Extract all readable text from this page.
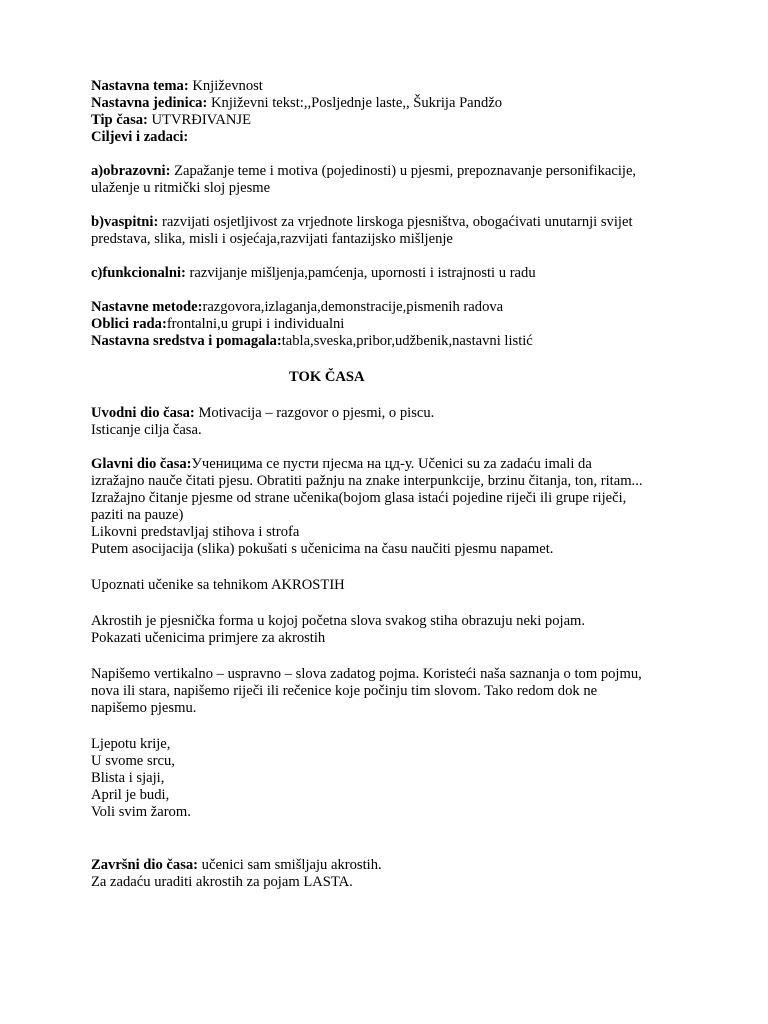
Nastavna tema: Književnost
Nastavna jedinica: Književni tekst:,,Posljednje laste,, Šukrija Pandžo
Tip časa: UTVRĐIVANJE
Ciljevi i zadaci:
a)obrazovni: Zapažanje teme i motiva (pojedinosti) u pjesmi, prepoznavanje personifikacije,
ulaženje u ritmički sloj pjesme
b)vaspitni: razvijati osjetljivost za vrjednote lirskoga pjesništva, obogaćivati unutarnji svijet
predstava, slika, misli i osjećaja,razvijati fantazijsko mišljenje
c)funkcionalni: razvijanje mišljenja,pamćenja, upornosti i istrajnosti u radu
Nastavne metode:razgovora,izlaganja,demonstracije,pismenih radova
Oblici rada:frontalni,u grupi i individualni
Nastavna sredstva i pomagala:tabla,sveska,pribor,udžbenik,nastavni listić
TOK ČASA
Uvodni dio časa: Motivacija – razgovor o pjesmi, o piscu.
Isticanje cilja časa.
Glavni dio časa:Ученицима се пусти пјесма на цд-у. Učenici su za zadaću imali da
izražajno nauče čitati pjesu. Obratiti pažnju na znake interpunkcije, brzinu čitanja, ton, ritam...
Izražajno čitanje pjesme od strane učenika(bojom glasa istaći pojedine riječi ili grupe riječi,
paziti na pauze)
Likovni predstavljaj stihova i strofa
Putem asocijacija (slika) pokušati s učenicima na času naučiti pjesmu napamet.
Upoznati učenike sa tehnikom AKROSTIH
Akrostih je pjesnička forma u kojoj početna slova svakog stiha obrazuju neki pojam.
Pokazati učenicima primjere za akrostih
Napišemo vertikalno – uspravno – slova zadatog pojma. Koristeći naša saznanja o tom pojmu,
nova ili stara, napišemo riječi ili rečenice koje počinju tim slovom. Tako redom dok ne
napišemo pjesmu.
Ljepotu krije,
U svome srcu,
Blista i sjaji,
April je budi,
Voli svim žarom.
Završni dio časa: učenici sam smišljaju akrostih.
Za zadaću uraditi akrostih za pojam LASTA.
